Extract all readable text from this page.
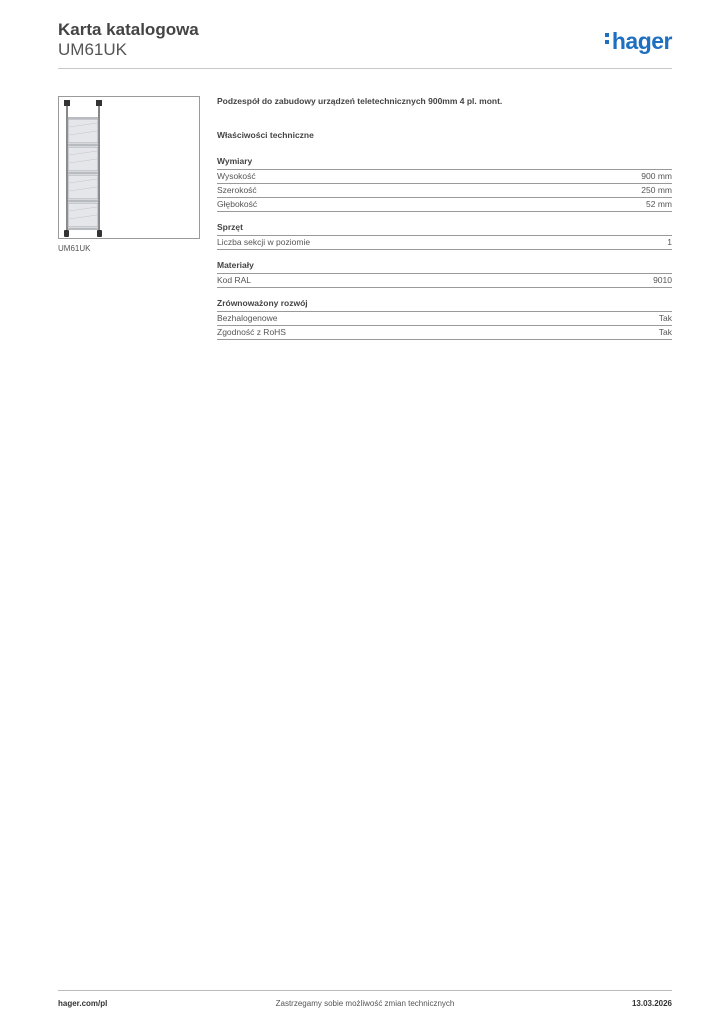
Karta katalogowa
UM61UK	hager
UM61UK
Podzespół do zabudowy urządzeń teletechnicznych 900mm 4 pl. mont.
Właściwości techniczne
Wymiary
Wysokość	900 mm
Szerokość	250 mm
Głębokość	52 mm
Sprzęt
Liczba sekcji w poziomie	1
Materiały
Kod RAL	9010
Zrównoważony rozwój
Bezhalogenowe	Tak
Zgodność z RoHS	Tak
hager.com/pl	Zastrzegamy sobie możliwość zmian technicznych	13.03.2026
